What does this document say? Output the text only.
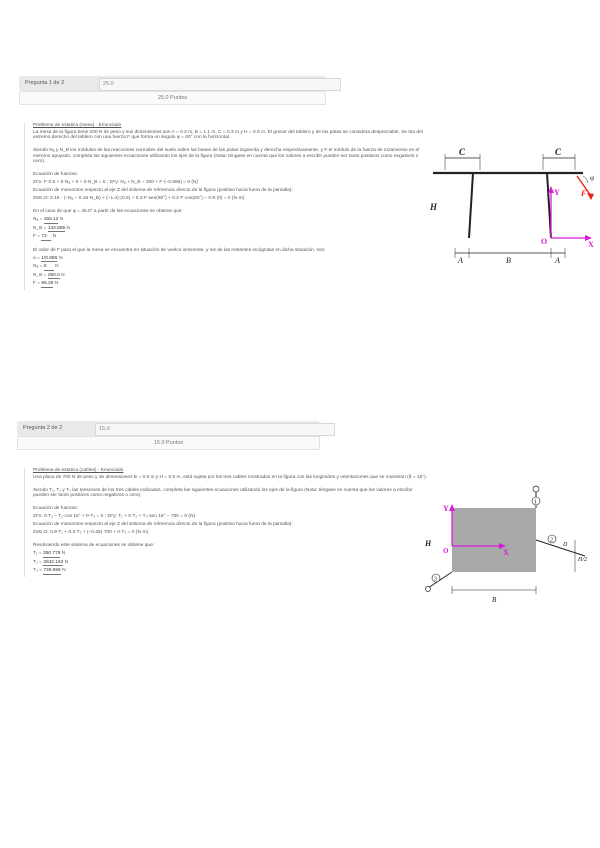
Pregunta 1 de 2	25.0
25.0 Puntos

Problema de estatica (mesa) · Enunciado

La mesa de la figura tiene 200 N de peso y sus dimensiones son A = 0.2 m, B = 1.1 m, C = 0.3 m y H = 0.9 m. El grosor del tablero y de las patas se considera despreciable. Se tira del extremo derecho del tablero con una fuerza F que forma un ángulo φ = 60° con la horizontal.

Siendo Nₐ y N_B los módulos de las reacciones normales del suelo sobre las bases de las patas izquierda y derecha respectivamente, y F el módulo de la fuerza de rozamiento en el extremo apoyado, completa las siguientes ecuaciones utilizando los ejes de la figura (Nota: téngase en cuenta que los valores a escribir pueden ser tanto positivos como negativos o cero).

Ecuación de fuerzas:

ΣFx: F·0.5 + 0·Nₐ + 0 + 0·N_B = 0 ; ΣFy: Nₐ + N_B − 200 + F·(−0.866) = 0 (N)

Ecuación de momentos respecto al eje Z del sistema de referencia directo de la figura (positivo hacia fuera de la pantalla):

ΣMz,O: 0.15 · (−Nₐ − 0.15·N_B) + (−1.4)·(0.5) + 0.3·F·sen(60°) + 0.2·F·cos(60°) − 0.9·(0) = 0 (N·m)

En el caso de que φ = 45.0° a partir de las ecuaciones se obtiene que:

Nₐ = 155.12 N
N_B = 134.585 N
F = 72 N

El valor de F para el que la mesa se encuentra en situación de vuelco inminente, y los de las restantes incógnitas en dicha situación, son:

α = 1/0.886 %
Nₐ = 0 N
N_B = 250.0 N
F = 96.28 N
C	C
H
F
φ
Y
X
O
A	B	A
Pregunta 2 de 2	15.0
15.0 Puntos

Problema de estatica (cables) · Enunciado

Una placa de 700 N de peso y de dimensiones B = 0.9 m y H = 0.6 m, está sujeta por los tres cables mostrados en la figura con las longitudes y orientaciones que se muestran (θ = 15°).

Siendo T₁, T₂ y T₃ las tensiones de los tres cables indicados, completa las siguientes ecuaciones utilizando los ejes de la figura (Nota: téngase en cuenta que los valores a escribir pueden ser tanto positivos como negativos o cero).

Ecuación de fuerzas:

ΣFx: 0·T₁ − T₂·cos 15° + 0·T₃ = 0 ; ΣFy: T₁ + 0·T₂ + T₃·sen 15° − 700 = 0 (N)

Ecuación de momentos respecto al eje Z del sistema de referencia directo de la figura (positivo hacia fuera de la pantalla):

ΣMz,O: 0.9·T₁ + 0.3·T₂ + (−0.45)·700 + 0·T₃ = 0 (N·m)

Resolviendo este sistema de ecuaciones se obtiene que:

T₁ = 350.775 N
T₂ = 3842.163 N
T₃ = 739.556 N
1
2
D
H/2
3
Y
X
O
H
B
